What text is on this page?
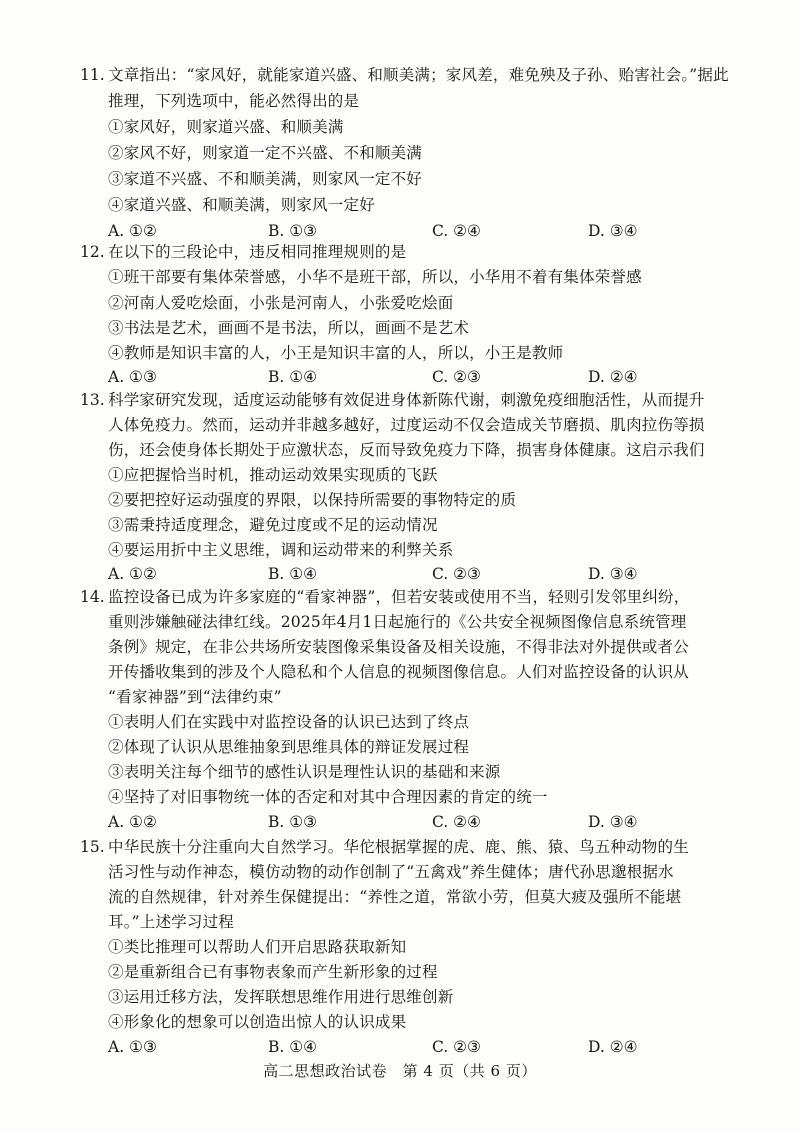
11. 文章指出：“家风好，就能家道兴盛、和顺美满；家风差，难免殃及子孙、贻害社会。”据此
推理，下列选项中，能必然得出的是
①家风好，则家道兴盛、和顺美满
②家风不好，则家道一定不兴盛、不和顺美满
③家道不兴盛、不和顺美满，则家风一定不好
④家道兴盛、和顺美满，则家风一定好
A. ①②	B. ①③	C. ②④	D. ③④
12. 在以下的三段论中，违反相同推理规则的是
①班干部要有集体荣誉感，小华不是班干部，所以，小华用不着有集体荣誉感
②河南人爱吃烩面，小张是河南人，小张爱吃烩面
③书法是艺术，画画不是书法，所以，画画不是艺术
④教师是知识丰富的人，小王是知识丰富的人，所以，小王是教师
A. ①③	B. ①④	C. ②③	D. ②④
13. 科学家研究发现，适度运动能够有效促进身体新陈代谢，刺激免疫细胞活性，从而提升
人体免疫力。然而，运动并非越多越好，过度运动不仅会造成关节磨损、肌肉拉伤等损
伤，还会使身体长期处于应激状态，反而导致免疫力下降，损害身体健康。这启示我们
①应把握恰当时机，推动运动效果实现质的飞跃
②要把控好运动强度的界限，以保持所需要的事物特定的质
③需秉持适度理念，避免过度或不足的运动情况
④要运用折中主义思维，调和运动带来的利弊关系
A. ①②	B. ①④	C. ②③	D. ③④
14. 监控设备已成为许多家庭的“看家神器”，但若安装或使用不当，轻则引发邻里纠纷，
重则涉嫌触碰法律红线。2025年4月1日起施行的《公共安全视频图像信息系统管理
条例》规定，在非公共场所安装图像采集设备及相关设施，不得非法对外提供或者公
开传播收集到的涉及个人隐私和个人信息的视频图像信息。人们对监控设备的认识从
“看家神器”到“法律约束”
①表明人们在实践中对监控设备的认识已达到了终点
②体现了认识从思维抽象到思维具体的辩证发展过程
③表明关注每个细节的感性认识是理性认识的基础和来源
④坚持了对旧事物统一体的否定和对其中合理因素的肯定的统一
A. ①②	B. ①③	C. ②④	D. ③④
15. 中华民族十分注重向大自然学习。华佗根据掌握的虎、鹿、熊、猿、鸟五种动物的生
活习性与动作神态，模仿动物的动作创制了“五禽戏”养生健体；唐代孙思邈根据水
流的自然规律，针对养生保健提出：“养性之道，常欲小劳，但莫大疲及强所不能堪
耳。”上述学习过程
①类比推理可以帮助人们开启思路获取新知
②是重新组合已有事物表象而产生新形象的过程
③运用迁移方法，发挥联想思维作用进行思维创新
④形象化的想象可以创造出惊人的认识成果
A. ①③	B. ①④	C. ②③	D. ②④
高二思想政治试卷　第 4 页（共 6 页）
